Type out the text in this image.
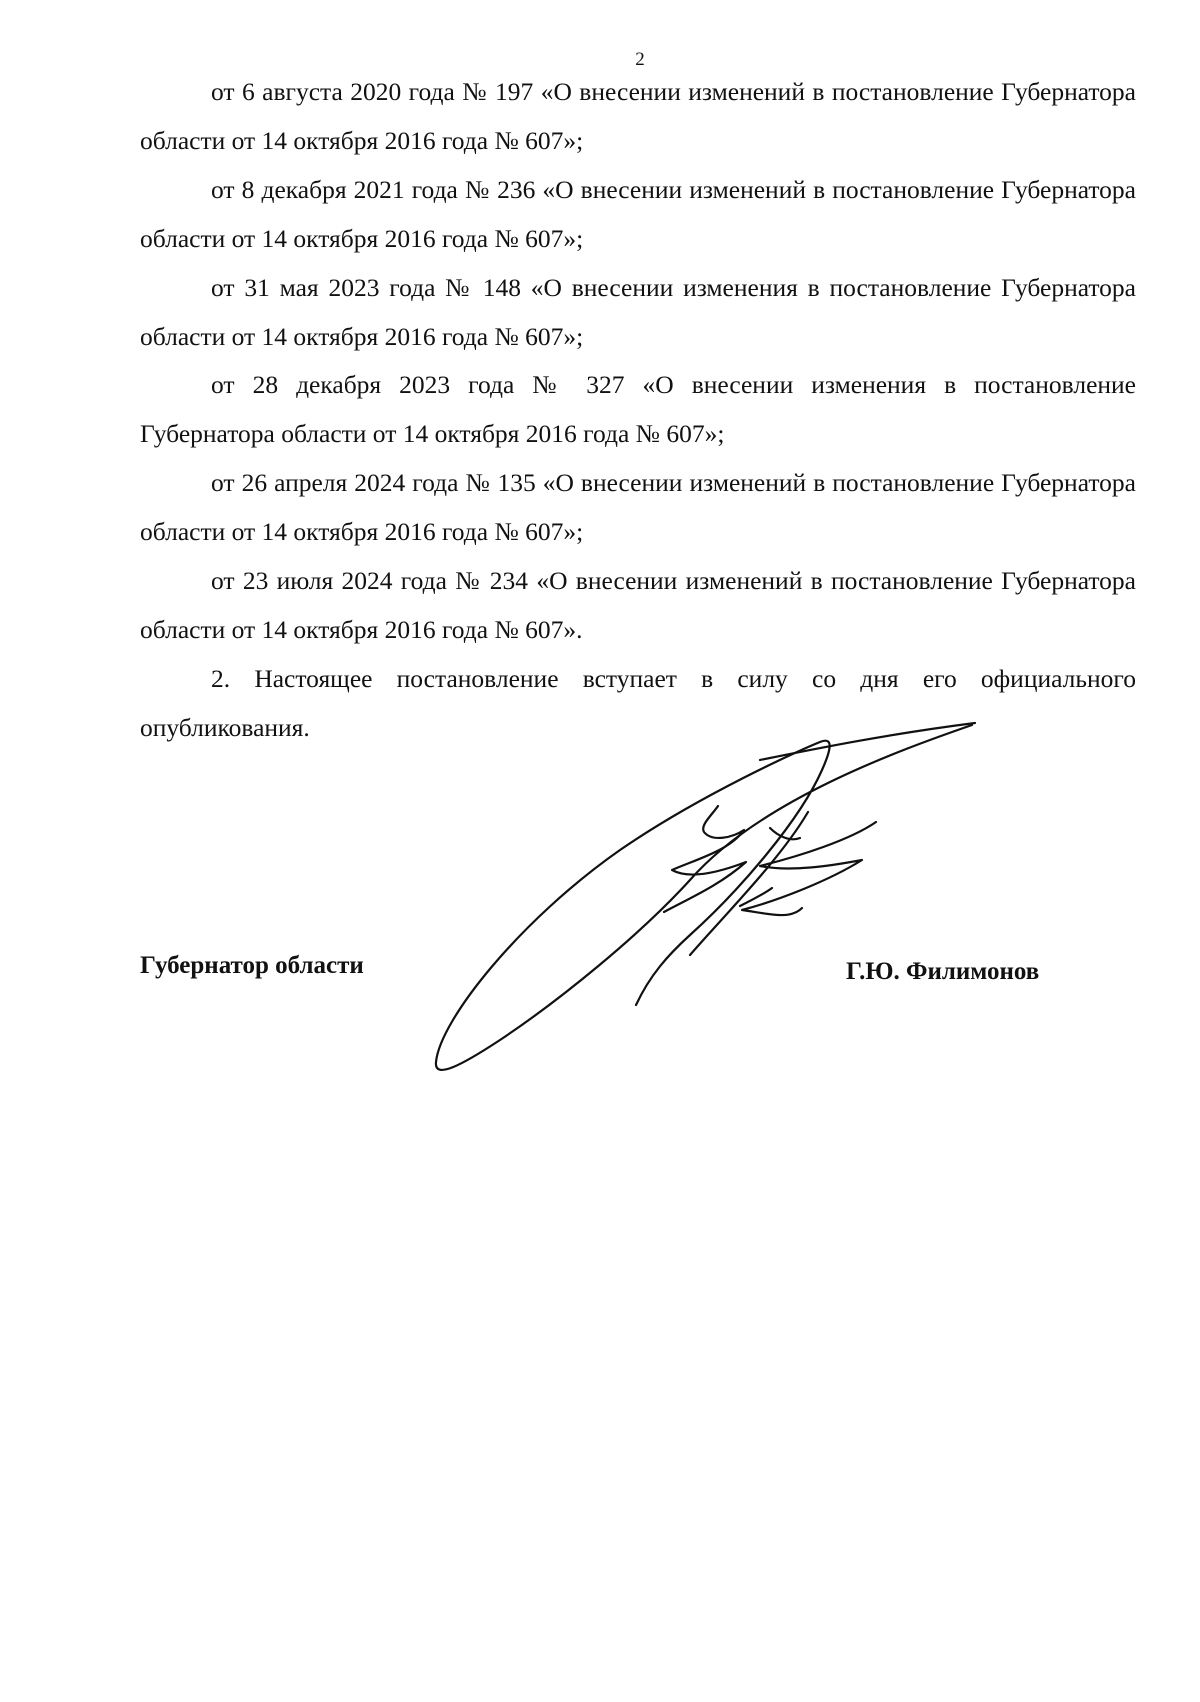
2

от 6 августа 2020 года № 197 «О внесении изменений в постановление Губернатора области от 14 октября 2016 года № 607»;

от 8 декабря 2021 года № 236 «О внесении изменений в постановление Губернатора области от 14 октября 2016 года № 607»;

от 31 мая 2023 года № 148 «О внесении изменения в постановление Губернатора области от 14 октября 2016 года № 607»;

от 28 декабря 2023 года № 327 «О внесении изменения в постановление Губернатора области от 14 октября 2016 года № 607»;

от 26 апреля 2024 года № 135 «О внесении изменений в постановление Губернатора области от 14 октября 2016 года № 607»;

от 23 июля 2024 года № 234 «О внесении изменений в постановление Губернатора области от 14 октября 2016 года № 607».

2. Настоящее постановление вступает в силу со дня его официального опубликования.

Губернатор области	Г.Ю. Филимонов
